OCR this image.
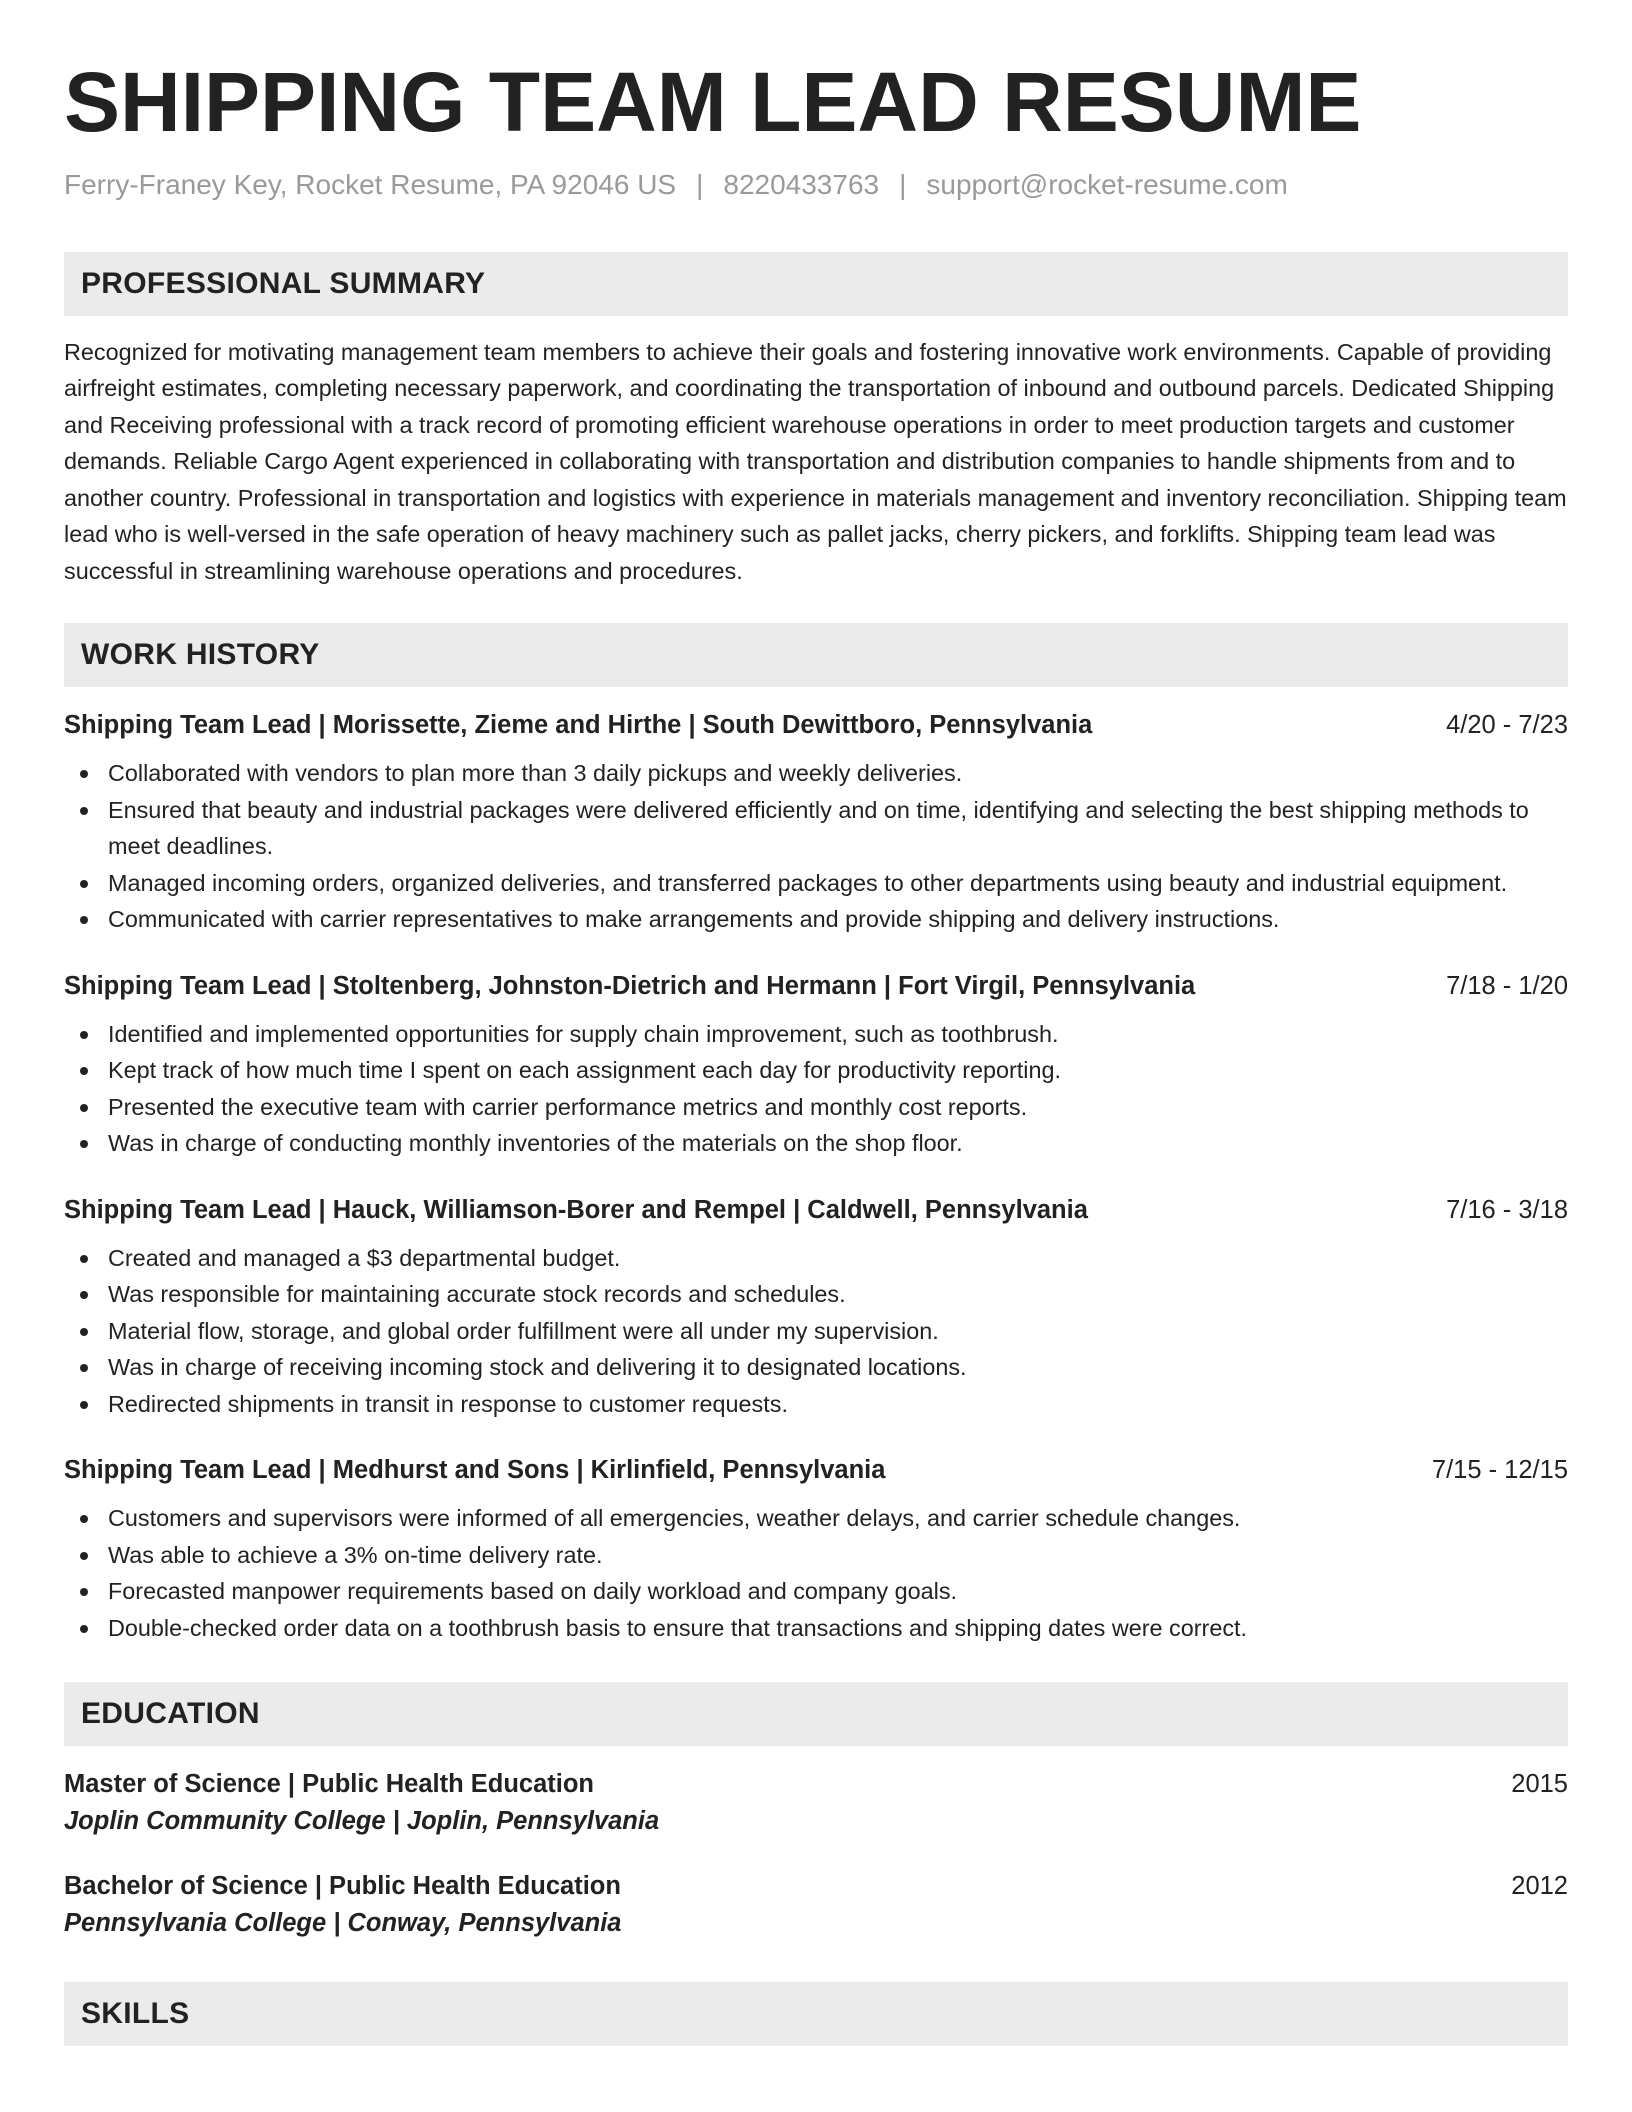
SHIPPING TEAM LEAD RESUME
Ferry-Franey Key, Rocket Resume, PA 92046 US | 8220433763 | support@rocket-resume.com
PROFESSIONAL SUMMARY
Recognized for motivating management team members to achieve their goals and fostering innovative work environments. Capable of providing airfreight estimates, completing necessary paperwork, and coordinating the transportation of inbound and outbound parcels. Dedicated Shipping and Receiving professional with a track record of promoting efficient warehouse operations in order to meet production targets and customer demands. Reliable Cargo Agent experienced in collaborating with transportation and distribution companies to handle shipments from and to another country. Professional in transportation and logistics with experience in materials management and inventory reconciliation. Shipping team lead who is well-versed in the safe operation of heavy machinery such as pallet jacks, cherry pickers, and forklifts. Shipping team lead was successful in streamlining warehouse operations and procedures.
WORK HISTORY
Shipping Team Lead | Morissette, Zieme and Hirthe | South Dewittboro, Pennsylvania	4/20 - 7/23
Collaborated with vendors to plan more than 3 daily pickups and weekly deliveries.
Ensured that beauty and industrial packages were delivered efficiently and on time, identifying and selecting the best shipping methods to meet deadlines.
Managed incoming orders, organized deliveries, and transferred packages to other departments using beauty and industrial equipment.
Communicated with carrier representatives to make arrangements and provide shipping and delivery instructions.
Shipping Team Lead | Stoltenberg, Johnston-Dietrich and Hermann | Fort Virgil, Pennsylvania	7/18 - 1/20
Identified and implemented opportunities for supply chain improvement, such as toothbrush.
Kept track of how much time I spent on each assignment each day for productivity reporting.
Presented the executive team with carrier performance metrics and monthly cost reports.
Was in charge of conducting monthly inventories of the materials on the shop floor.
Shipping Team Lead | Hauck, Williamson-Borer and Rempel | Caldwell, Pennsylvania	7/16 - 3/18
Created and managed a $3 departmental budget.
Was responsible for maintaining accurate stock records and schedules.
Material flow, storage, and global order fulfillment were all under my supervision.
Was in charge of receiving incoming stock and delivering it to designated locations.
Redirected shipments in transit in response to customer requests.
Shipping Team Lead | Medhurst and Sons | Kirlinfield, Pennsylvania	7/15 - 12/15
Customers and supervisors were informed of all emergencies, weather delays, and carrier schedule changes.
Was able to achieve a 3% on-time delivery rate.
Forecasted manpower requirements based on daily workload and company goals.
Double-checked order data on a toothbrush basis to ensure that transactions and shipping dates were correct.
EDUCATION
Master of Science | Public Health Education	2015
Joplin Community College | Joplin, Pennsylvania
Bachelor of Science | Public Health Education	2012
Pennsylvania College | Conway, Pennsylvania
SKILLS
